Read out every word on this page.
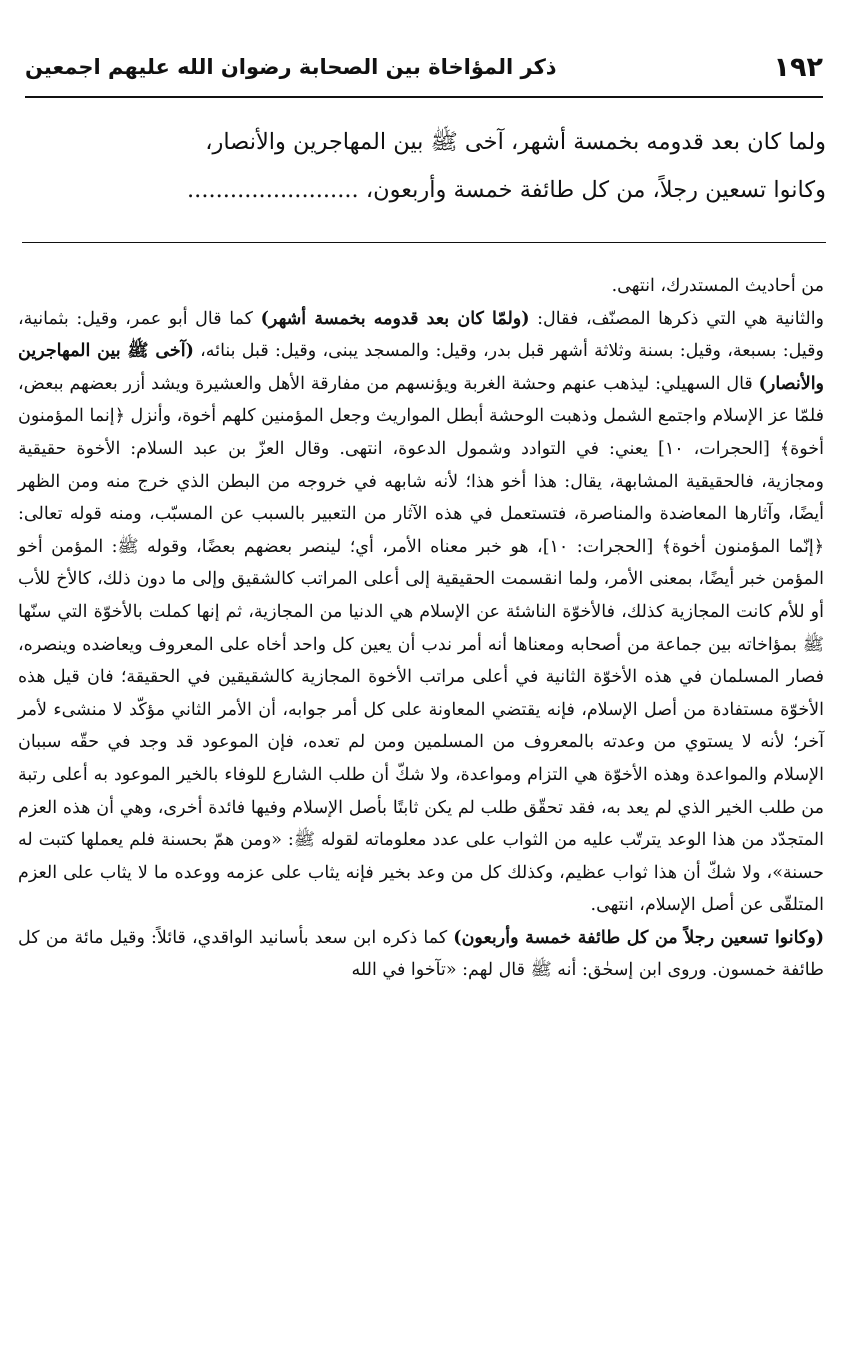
١٩٢
ذكر المؤاخاة بين الصحابة رضوان الله عليهم اجمعين

ولما كان بعد قدومه بخمسة أشهر، آخى ﷺ بين المهاجرين والأنصار،

وكانوا تسعين رجلاً، من كل طائفة خمسة وأربعون، ........................

من أحاديث المستدرك، انتهى.

والثانية هي التي ذكرها المصنّف، فقال: (ولمّا كان بعد قدومه بخمسة أشهر) كما قال أبو عمر، وقيل: بثمانية، وقيل: بسبعة، وقيل: بسنة وثلاثة أشهر قبل بدر، وقيل: والمسجد يبنى، وقيل: قبل بنائه، (آخى ﷺ بين المهاجرين والأنصار) قال السهيلي: ليذهب عنهم وحشة الغربة ويؤنسهم من مفارقة الأهل والعشيرة ويشد أزر بعضهم ببعض، فلمّا عز الإسلام واجتمع الشمل وذهبت الوحشة أبطل المواريث وجعل المؤمنين كلهم أخوة، وأنزل ﴿إنما المؤمنون أخوة﴾ [الحجرات، ١٠] يعني: في التوادد وشمول الدعوة، انتهى. وقال العزّ بن عبد السلام: الأخوة حقيقية ومجازية، فالحقيقية المشابهة، يقال: هذا أخو هذا؛ لأنه شابهه في خروجه من البطن الذي خرج منه ومن الظهر أيضًا، وآثارها المعاضدة والمناصرة، فتستعمل في هذه الآثار من التعبير بالسبب عن المسبّب، ومنه قوله تعالى: ﴿إنّما المؤمنون أخوة﴾ [الحجرات: ١٠]، هو خبر معناه الأمر، أي؛ لينصر بعضهم بعضًا، وقوله ﷺ: المؤمن أخو المؤمن خبر أيضًا، بمعنى الأمر، ولما انقسمت الحقيقية إلى أعلى المراتب كالشقيق وإلى ما دون ذلك، كالأخ للأب أو للأم كانت المجازية كذلك، فالأخوّة الناشئة عن الإسلام هي الدنيا من المجازية، ثم إنها كملت بالأخوّة التي سنّها ﷺ بمؤاخاته بين جماعة من أصحابه ومعناها أنه أمر ندب أن يعين كل واحد أخاه على المعروف ويعاضده وينصره، فصار المسلمان في هذه الأخوّة الثانية في أعلى مراتب الأخوة المجازية كالشقيقين في الحقيقة؛ فان قيل هذه الأخوّة مستفادة من أصل الإسلام، فإنه يقتضي المعاونة على كل أمر جوابه، أن الأمر الثاني مؤكّد لا منشىء لأمر آخر؛ لأنه لا يستوي من وعدته بالمعروف من المسلمين ومن لم تعده، فإن الموعود قد وجد في حقّه سببان الإسلام والمواعدة وهذه الأخوّة هي التزام ومواعدة، ولا شكّ أن طلب الشارع للوفاء بالخير الموعود به أعلى رتبة من طلب الخير الذي لم يعد به، فقد تحقّق طلب لم يكن ثابتًا بأصل الإسلام وفيها فائدة أخرى، وهي أن هذه العزم المتجدّد من هذا الوعد يترتّب عليه من الثواب على عدد معلوماته لقوله ﷺ: «ومن همّ بحسنة فلم يعملها كتبت له حسنة»، ولا شكّ أن هذا ثواب عظيم، وكذلك كل من وعد بخير فإنه يثاب على عزمه ووعده ما لا يثاب على العزم المتلقّى عن أصل الإسلام، انتهى.

(وكانوا تسعين رجلاً من كل طائفة خمسة وأربعون) كما ذكره ابن سعد بأسانيد الواقدي، قائلاً: وقيل مائة من كل طائفة خمسون. وروى ابن إسحٰق: أنه ﷺ قال لهم: «تآخوا في الله
